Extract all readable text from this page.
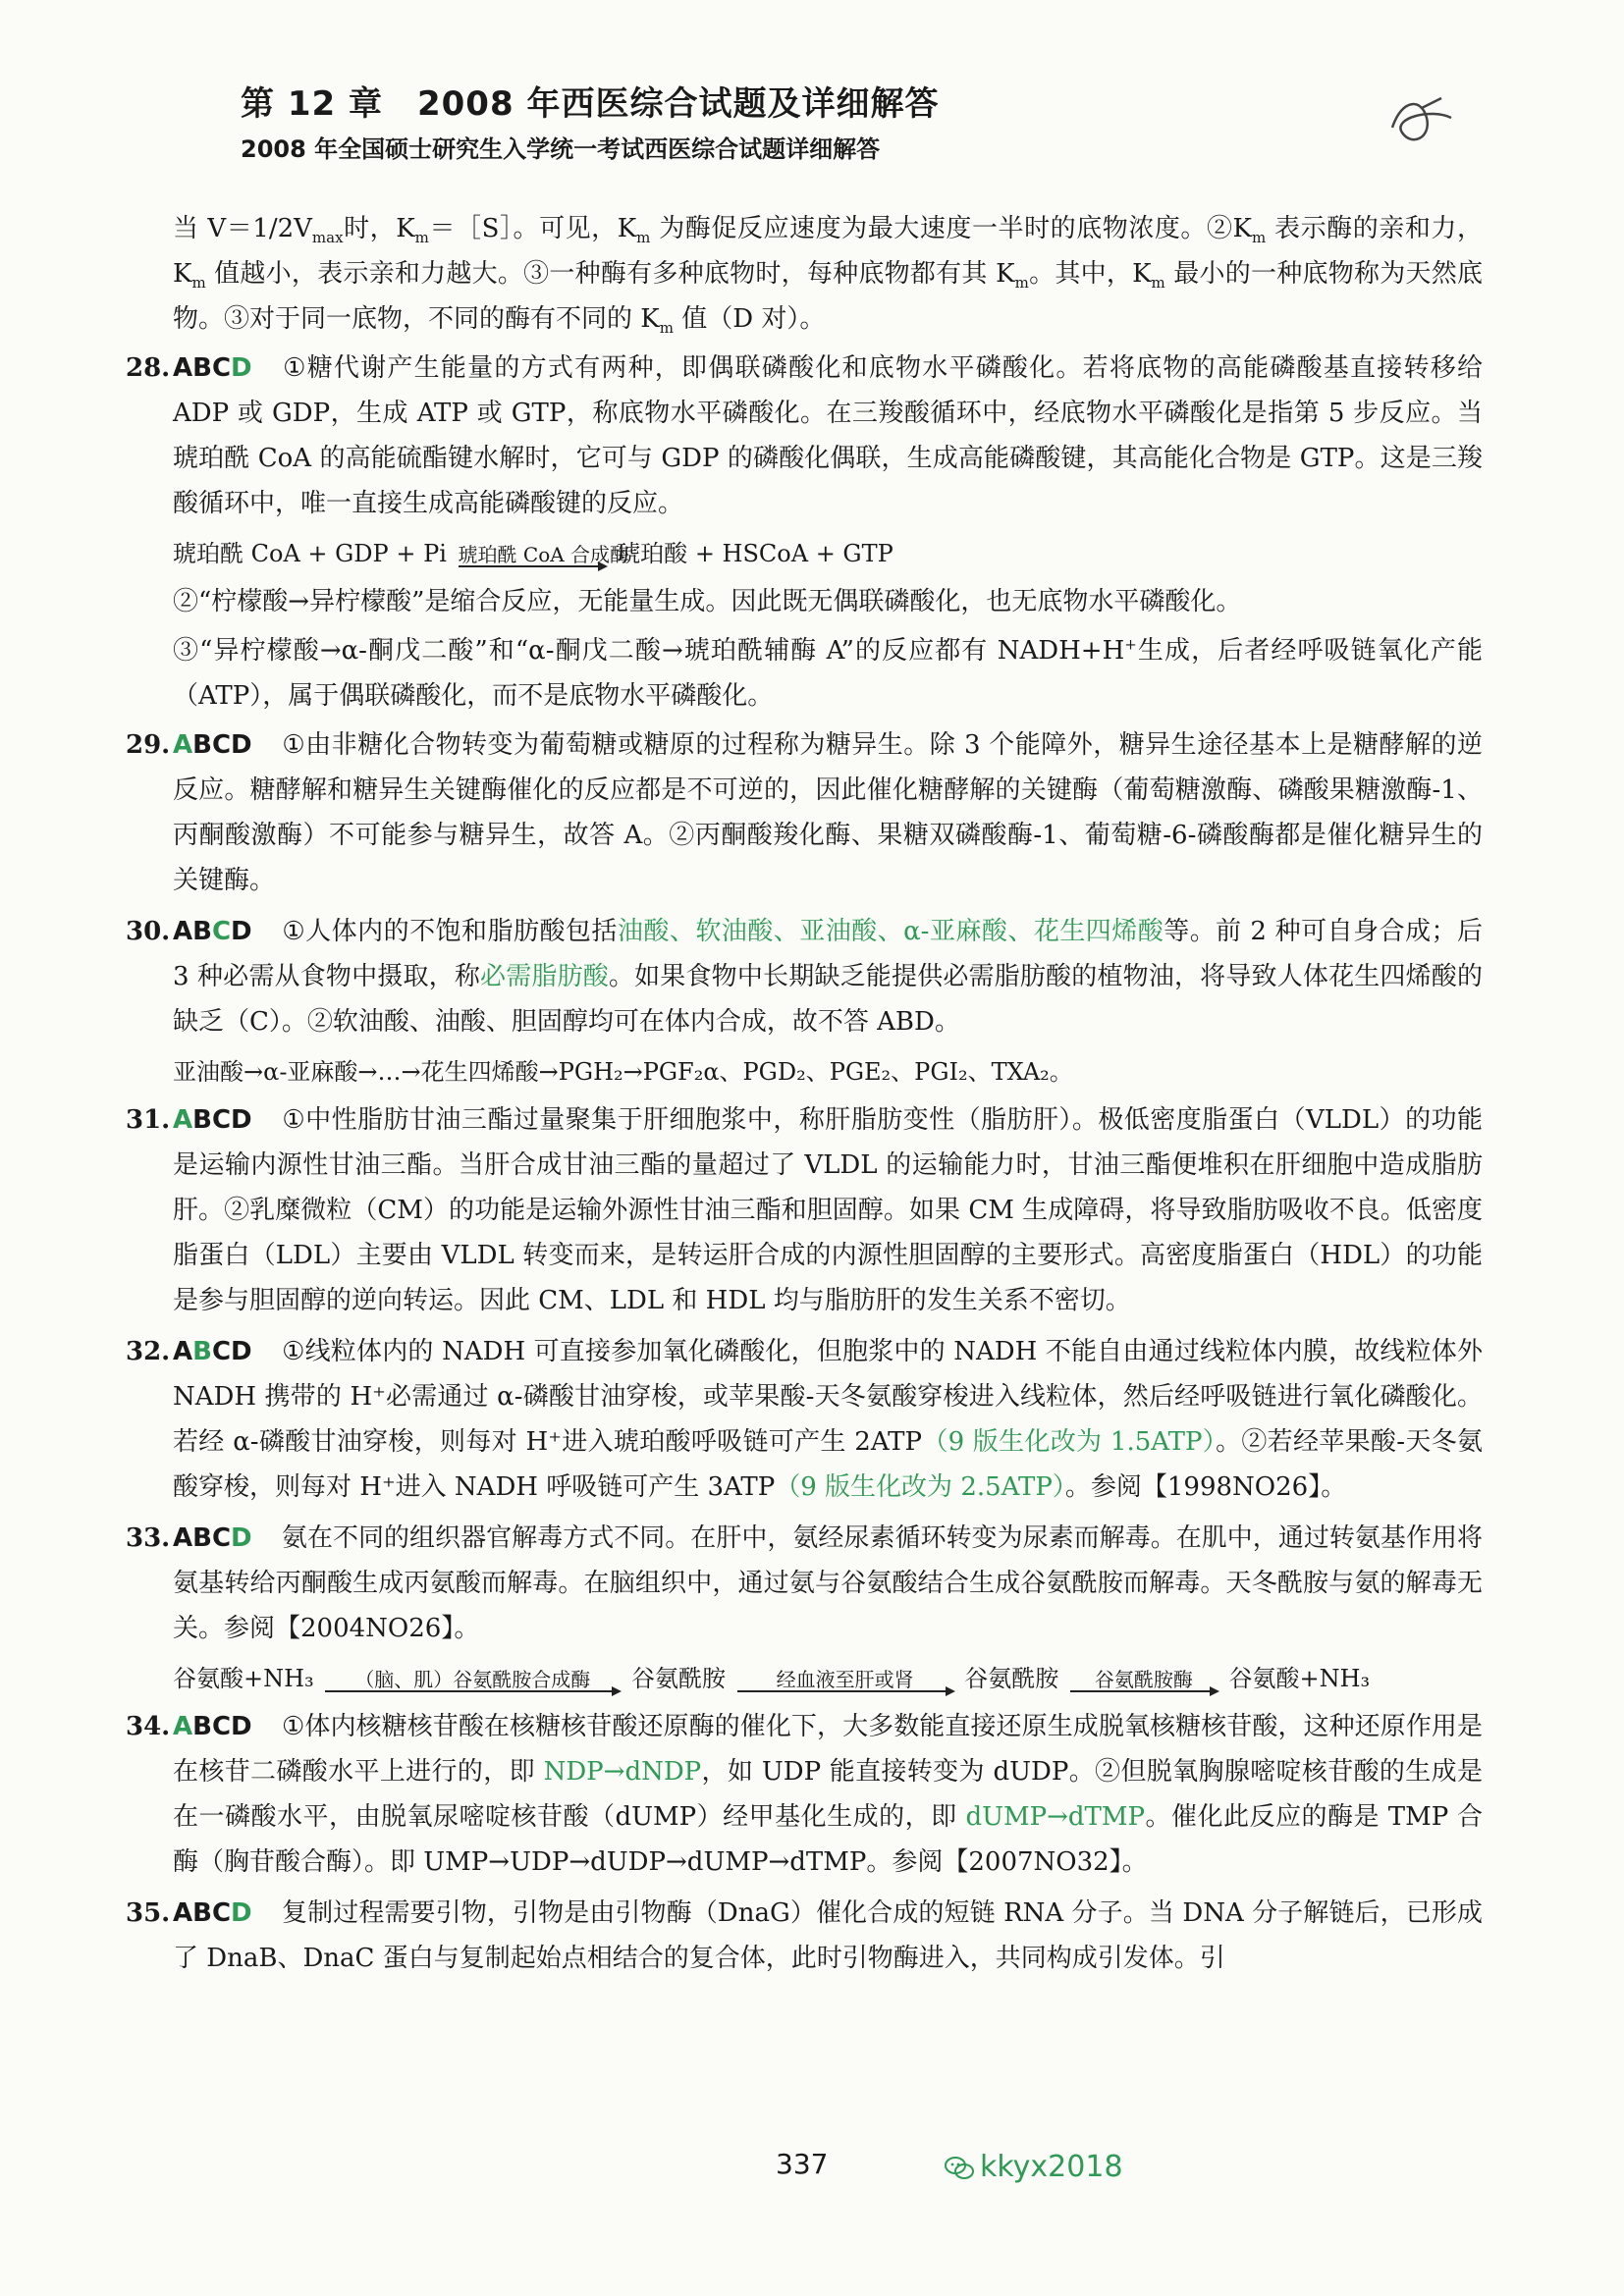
第 12 章　2008 年西医综合试题及详细解答
2008 年全国硕士研究生入学统一考试西医综合试题详细解答

当 $V=1/2V_{max}$时，$K_m=[S]$。可见，$K_m$ 为酶促反应速度为最大速度一半时的底物浓度。$②K_m$ 表示酶的亲和力，$K_m$ 值越小，表示亲和力越大。③一种酶有多种底物时，每种底物都有其 $K_m$。其中，$K_m$ 最小的一种底物称为天然底物。③对于同一底物，不同的酶有不同的 $K_m$ 值（D 对）。

28. ABCD ①糖代谢产生能量的方式有两种，即偶联磷酸化和底物水平磷酸化。若将底物的高能磷酸基直接转移给 ADP 或 GDP，生成 ATP 或 GTP，称底物水平磷酸化。在三羧酸循环中，经底物水平磷酸化是指第 5 步反应。当琥珀酰 CoA 的高能硫酯键水解时，它可与 GDP 的磷酸化偶联，生成高能磷酸键，其高能化合物是 GTP。这是三羧酸循环中，唯一直接生成高能磷酸键的反应。
琥珀酰 CoA + GDP + Pi 琥珀酰 CoA 合成酶
琥珀酸 + HSCoA + GTP

②“柠檬酸→异柠檬酸”是缩合反应，无能量生成。因此既无偶联磷酸化，也无底物水平磷酸化。

③“异柠檬酸→α-酮戊二酸”和“α-酮戊二酸→琥珀酰辅酶 A”的反应都有 NADH+H+生成，后者经呼吸链氧化产能（ATP），属于偶联磷酸化，而不是底物水平磷酸化。

29. ABCD ①由非糖化合物转变为葡萄糖或糖原的过程称为糖异生。除 3 个能障外，糖异生途径基本上是糖酵解的逆反应。糖酵解和糖异生关键酶催化的反应都是不可逆的，因此催化糖酵解的关键酶（葡萄糖激酶、磷酸果糖激酶-1、丙酮酸激酶）不可能参与糖异生，故答 A。②丙酮酸羧化酶、果糖双磷酸酶-1、葡萄糖-6-磷酸酶都是催化糖异生的关键酶。
30. ABCD ①人体内的不饱和脂肪酸包括油酸、软油酸、亚油酸、α-亚麻酸、花生四烯酸等。前 2 种可自身合成；后 3 种必需从食物中摄取，称必需脂肪酸。如果食物中长期缺乏能提供必需脂肪酸的植物油，将导致人体花生四烯酸的缺乏（C）。②软油酸、油酸、胆固醇均可在体内合成，故不答 ABD。
亚油酸→α-亚麻酸→…→花生四烯酸→PGH₂→PGF₂α、PGD₂、PGE₂、PGI₂、TXA₂。
31. ABCD ①中性脂肪甘油三酯过量聚集于肝细胞浆中，称肝脂肪变性（脂肪肝）。极低密度脂蛋白（VLDL）的功能是运输内源性甘油三酯。当肝合成甘油三酯的量超过了 VLDL 的运输能力时，甘油三酯便堆积在肝细胞中造成脂肪肝。②乳糜微粒（CM）的功能是运输外源性甘油三酯和胆固醇。如果 CM 生成障碍，将导致脂肪吸收不良。低密度脂蛋白（LDL）主要由 VLDL 转变而来，是转运肝合成的内源性胆固醇的主要形式。高密度脂蛋白（HDL）的功能是参与胆固醇的逆向转运。因此 CM、LDL 和 HDL 均与脂肪肝的发生关系不密切。
32. ABCD ①线粒体内的 NADH 可直接参加氧化磷酸化，但胞浆中的 NADH 不能自由通过线粒体内膜，故线粒体外 NADH 携带的 H⁺必需通过 α-磷酸甘油穿梭，或苹果酸-天冬氨酸穿梭进入线粒体，然后经呼吸链进行氧化磷酸化。若经 α-磷酸甘油穿梭，则每对 H⁺进入琥珀酸呼吸链可产生 2ATP（9 版生化改为 1.5ATP）。②若经苹果酸-天冬氨酸穿梭，则每对 H⁺进入 NADH 呼吸链可产生 3ATP（9 版生化改为 2.5ATP）。参阅【1998NO26】。
33. ABCD 氨在不同的组织器官解毒方式不同。在肝中，氨经尿素循环转变为尿素而解毒。在肌中，通过转氨基作用将氨基转给丙酮酸生成丙氨酸而解毒。在脑组织中，通过氨与谷氨酸结合生成谷氨酰胺而解毒。天冬酰胺与氨的解毒无关。参阅【2004NO26】。
谷氨酸+NH₃	（脑、肌）谷氨酰胺合成酶	谷氨酰胺	经血液至肝或肾	谷氨酰胺	谷氨酰胺酶	谷氨酸+NH₃
34. ABCD ①体内核糖核苷酸在核糖核苷酸还原酶的催化下，大多数能直接还原生成脱氧核糖核苷酸，这种还原作用是在核苷二磷酸水平上进行的，即 NDP→dNDP，如 UDP 能直接转变为 dUDP。②但脱氧胸腺嘧啶核苷酸的生成是在一磷酸水平，由脱氧尿嘧啶核苷酸（dUMP）经甲基化生成的，即 dUMP→dTMP。催化此反应的酶是 TMP 合酶（胸苷酸合酶）。即 UMP→UDP→dUDP→dUMP→dTMP。参阅【2007NO32】。
35. ABCD 复制过程需要引物，引物是由引物酶（DnaG）催化合成的短链 RNA 分子。当 DNA 分子解链后，已形成了 DnaB、DnaC 蛋白与复制起始点相结合的复合体，此时引物酶进入，共同构成引发体。引
337	kkyx2018
